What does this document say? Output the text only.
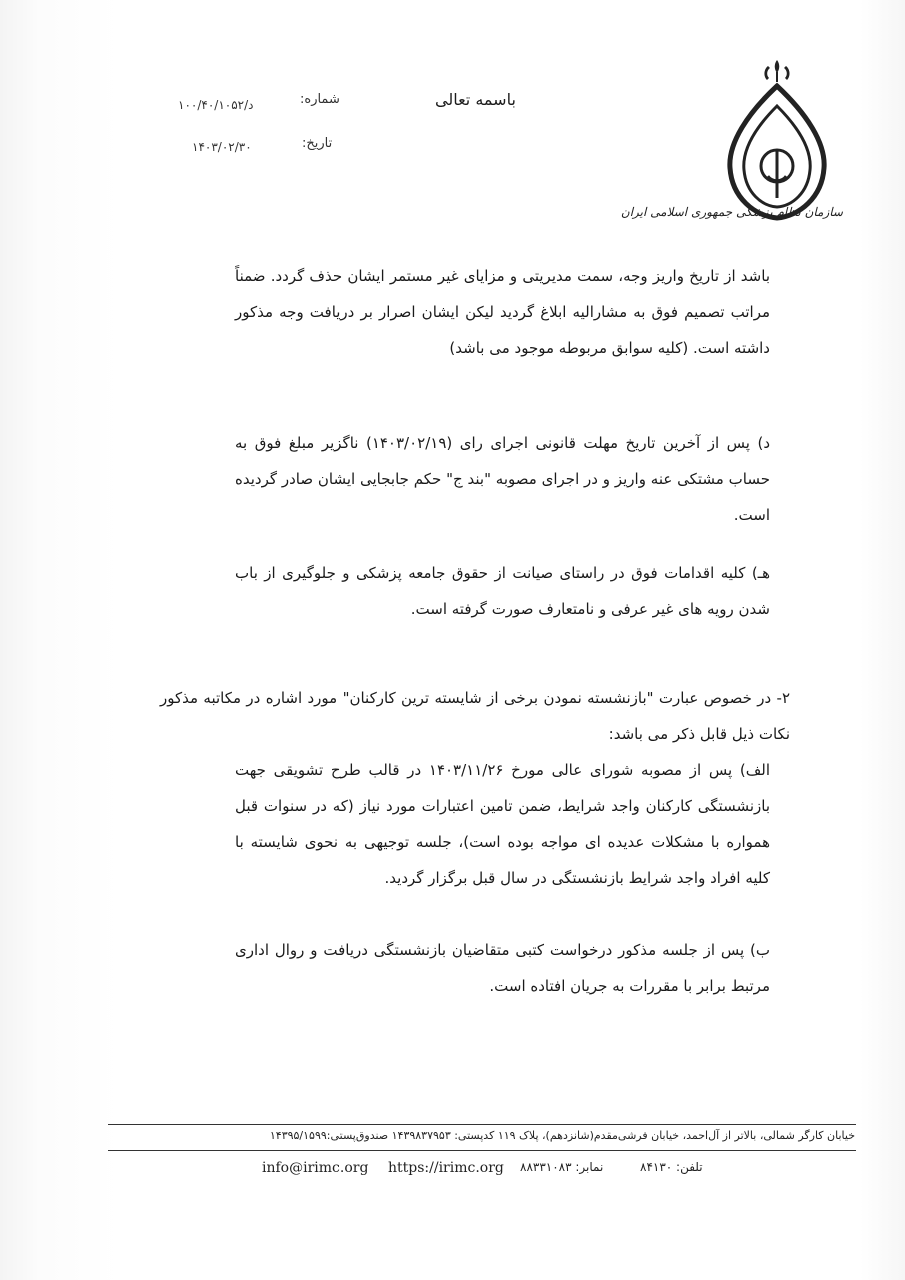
سازمان نظام پزشکی جمهوری اسلامی ایران
باسمه تعالی
شماره:
د/۱۰۰/۴۰/۱۰۵۲
تاریخ:
۱۴۰۳/۰۲/۳۰

باشد از تاریخ واریز وجه، سمت مدیریتی و مزایای غیر مستمر ایشان حذف گردد. ضمناً مراتب تصمیم فوق به مشارالیه ابلاغ گردید لیکن ایشان اصرار بر دریافت وجه مذکور داشته است. (کلیه سوابق مربوطه موجود می باشد)

د) پس از آخرین تاریخ مهلت قانونی اجرای رای (۱۴۰۳/۰۲/۱۹) ناگزیر مبلغ فوق به حساب مشتکی عنه واریز و در اجرای مصوبه "بند ج" حکم جابجایی ایشان صادر گردیده است.

هـ) کلیه اقدامات فوق در راستای صیانت از حقوق جامعه پزشکی و جلوگیری از باب شدن رویه های غیر عرفی و نامتعارف صورت گرفته است.

۲- در خصوص عبارت "بازنشسته نمودن برخی از شایسته ترین کارکنان" مورد اشاره در مکاتبه مذکور نکات ذیل قابل ذکر می باشد:

الف) پس از مصوبه شورای عالی مورخ ۱۴۰۳/۱۱/۲۶ در قالب طرح تشویقی جهت بازنشستگی کارکنان واجد شرایط، ضمن تامین اعتبارات مورد نیاز (که در سنوات قبل همواره با مشکلات عدیده ای مواجه بوده است)، جلسه توجیهی به نحوی شایسته با کلیه افراد واجد شرایط بازنشستگی در سال قبل برگزار گردید.

ب) پس از جلسه مذکور درخواست کتبی متقاضیان بازنشستگی دریافت و روال اداری مرتبط برابر با مقررات به جریان افتاده است.

خیابان کارگر شمالی، بالاتر از آل‌احمد، خیابان فرشی‌مقدم(شانزدهم)، پلاک ۱۱۹ کدپستی: ۱۴۳۹۸۳۷۹۵۳ صندوق‌پستی:۱۴۳۹۵/۱۵۹۹
تلفن: ۸۴۱۳۰
نمابر: ۸۸۳۳۱۰۸۳
https://irimc.org
info@irimc.org
